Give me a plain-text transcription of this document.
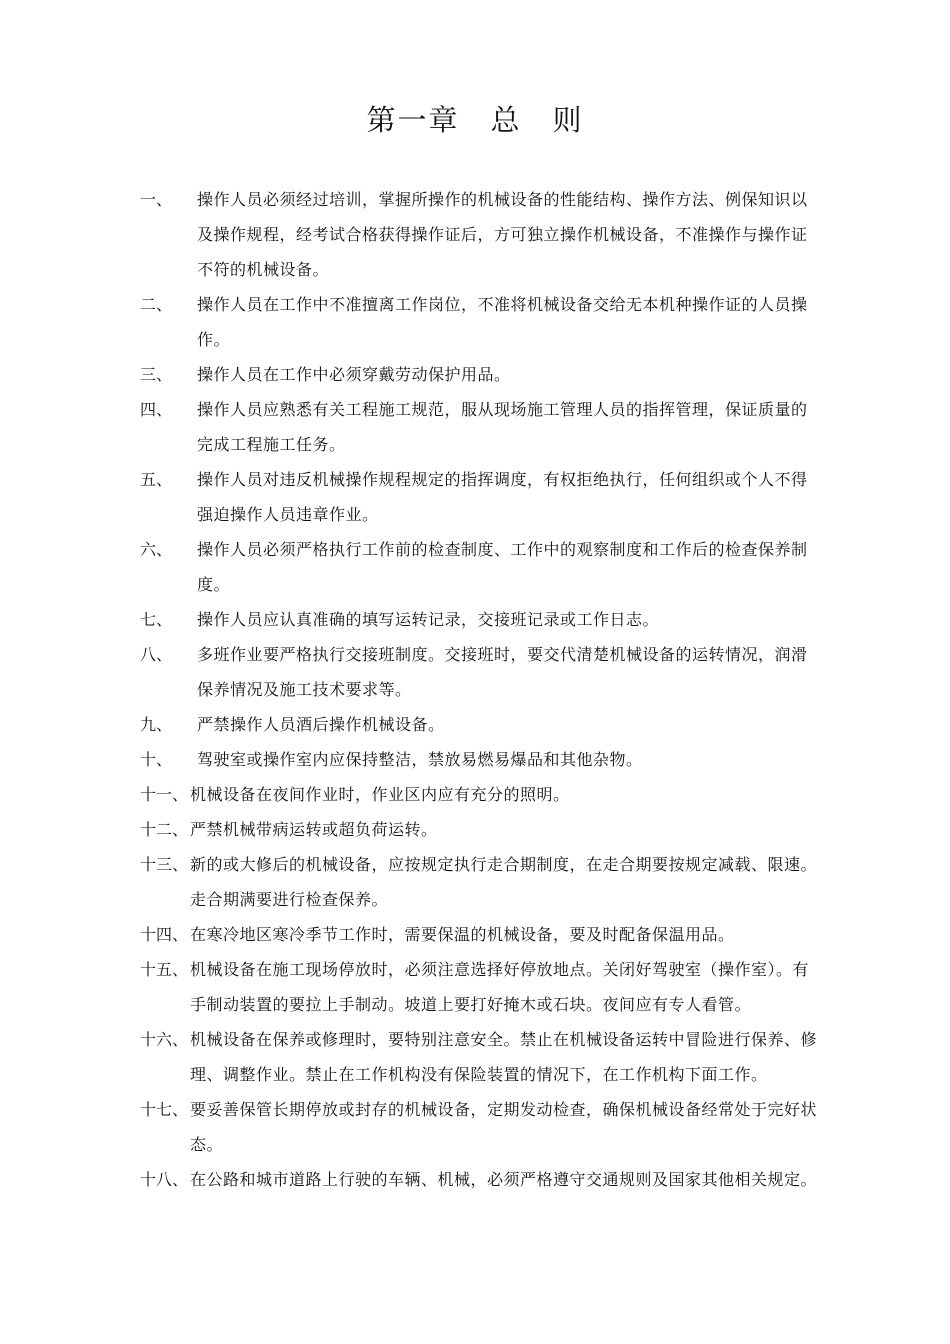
第一章　总　则
一、	操作人员必须经过培训，掌握所操作的机械设备的性能结构、操作方法、例保知识以及操作规程，经考试合格获得操作证后，方可独立操作机械设备，不准操作与操作证不符的机械设备。
二、	操作人员在工作中不准擅离工作岗位，不准将机械设备交给无本机种操作证的人员操作。
三、	操作人员在工作中必须穿戴劳动保护用品。
四、	操作人员应熟悉有关工程施工规范，服从现场施工管理人员的指挥管理，保证质量的完成工程施工任务。
五、	操作人员对违反机械操作规程规定的指挥调度，有权拒绝执行，任何组织或个人不得强迫操作人员违章作业。
六、	操作人员必须严格执行工作前的检查制度、工作中的观察制度和工作后的检查保养制度。
七、	操作人员应认真准确的填写运转记录，交接班记录或工作日志。
八、	多班作业要严格执行交接班制度。交接班时，要交代清楚机械设备的运转情况，润滑保养情况及施工技术要求等。
九、	严禁操作人员酒后操作机械设备。
十、	驾驶室或操作室内应保持整洁，禁放易燃易爆品和其他杂物。
十一、 机械设备在夜间作业时，作业区内应有充分的照明。
十二、 严禁机械带病运转或超负荷运转。
十三、 新的或大修后的机械设备，应按规定执行走合期制度，在走合期要按规定减载、限速。走合期满要进行检查保养。
十四、 在寒冷地区寒冷季节工作时，需要保温的机械设备，要及时配备保温用品。
十五、 机械设备在施工现场停放时，必须注意选择好停放地点。关闭好驾驶室（操作室）。有手制动装置的要拉上手制动。坡道上要打好掩木或石块。夜间应有专人看管。
十六、 机械设备在保养或修理时，要特别注意安全。禁止在机械设备运转中冒险进行保养、修理、调整作业。禁止在工作机构没有保险装置的情况下，在工作机构下面工作。
十七、 要妥善保管长期停放或封存的机械设备，定期发动检查，确保机械设备经常处于完好状态。
十八、 在公路和城市道路上行驶的车辆、机械，必须严格遵守交通规则及国家其他相关规定。
